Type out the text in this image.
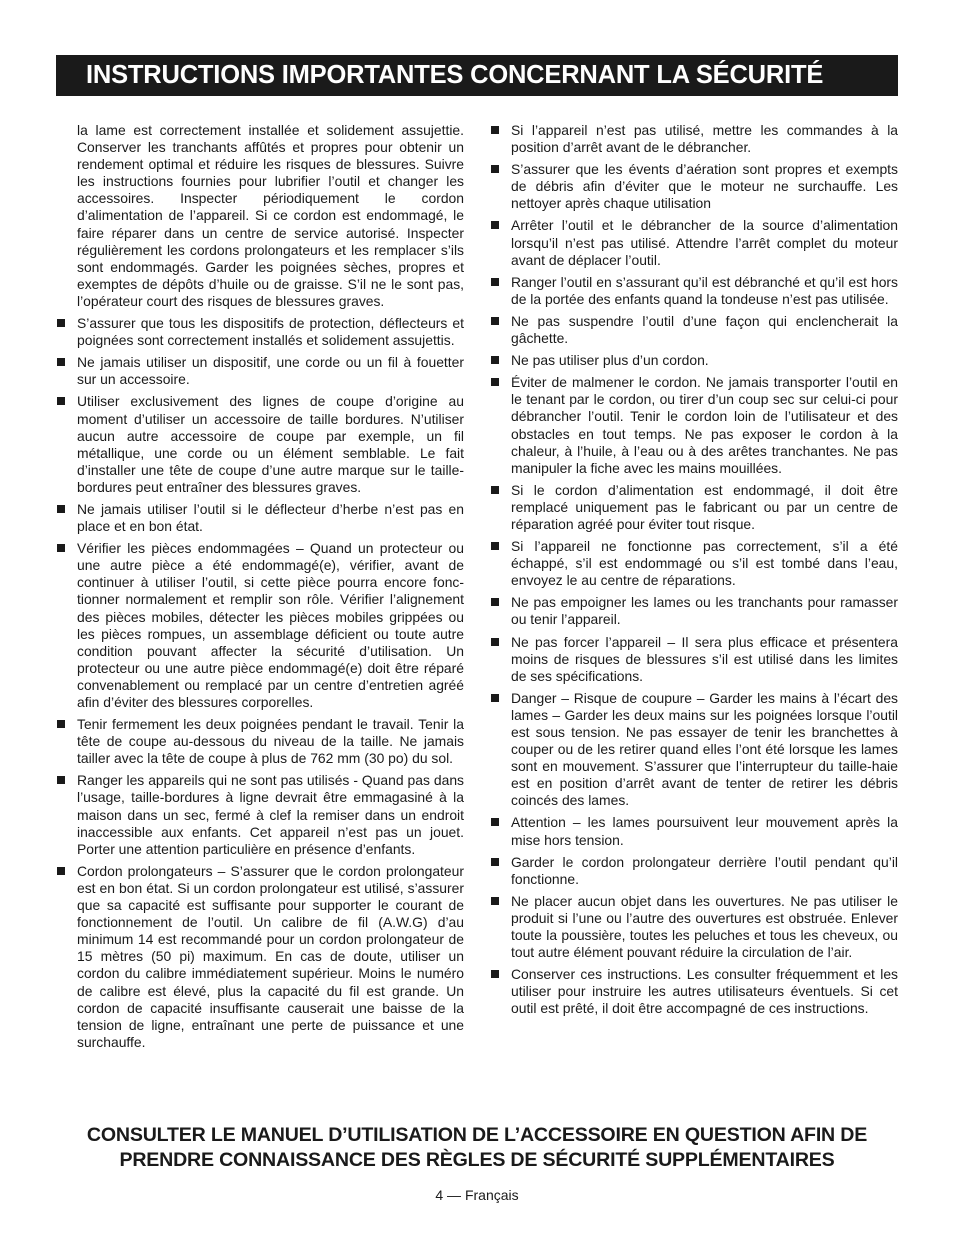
INSTRUCTIONS IMPORTANTES CONCERNANT LA SÉCURITÉ

la lame est correctement installée et solidement assujettie. Conserver les tranchants affûtés et propres pour obtenir un rendement optimal et réduire les risques de blessures. Suivre les instructions fournies pour lubrifier l’outil et changer les accessoires. Inspecter périodiquement le cordon d’alimentation de l’appareil. Si ce cordon est endommagé, le faire réparer dans un centre de service autorisé. Inspecter régulièrement les cordons prolongateurs et les remplacer s’ils sont endommagés. Garder les poignées sèches, propres et exemptes de dépôts d’huile ou de graisse. S’il ne le sont pas, l’opérateur court des risques de blessures graves.

S’assurer que tous les dispositifs de protection, déflecteurs et poignées sont correctement installés et solidement assujettis.

Ne jamais utiliser un dispositif, une corde ou un fil à fouetter sur un accessoire.

Utiliser exclusivement des lignes de coupe d’origine au moment d’utiliser un accessoire de taille bordures. N’utiliser aucun autre accessoire de coupe par exemple, un fil métallique, une corde ou un élément semblable. Le fait d’installer une tête de coupe d’une autre marque sur le taille-bordures peut entraîner des blessures graves.

Ne jamais utiliser l’outil si le déflecteur d’herbe n’est pas en place et en bon état.

Vérifier les pièces endommagées – Quand un protecteur ou une autre pièce a été endommagé(e), vérifier, avant de continuer à utiliser l’outil, si cette pièce pourra encore fonc- tionner normalement et remplir son rôle. Vérifier l’alignement des pièces mobiles, détecter les pièces mobiles grippées ou les pièces rompues, un assemblage déficient ou toute autre condition pouvant affecter la sécurité d’utilisation. Un protecteur ou une autre pièce endommagé(e) doit être réparé convenablement ou remplacé par un centre d’entretien agréé afin d’éviter des blessures corporelles.

Tenir fermement les deux poignées pendant le travail. Tenir la tête de coupe au-dessous du niveau de la taille. Ne jamais tailler avec la tête de coupe à plus de 762 mm (30 po) du sol.

Ranger les appareils qui ne sont pas utilisés - Quand pas dans l’usage, taille-bordures à ligne devrait être emmagasiné à la maison dans un sec, fermé à clef la remiser dans un endroit inaccessible aux enfants. Cet appareil n’est pas un jouet. Porter une attention particulière en présence d’enfants.

Cordon prolongateurs – S’assurer que le cordon prolongateur est en bon état. Si un cordon prolongateur est utilisé, s’assurer que sa capacité est suffisante pour supporter le courant de fonctionnement de l’outil. Un calibre de fil (A.W.G) d’au minimum 14 est recommandé pour un cordon prolongateur de 15 mètres (50 pi) maximum. En cas de doute, utiliser un cordon du calibre immédiatement supérieur. Moins le numéro de calibre est élevé, plus la capacité du fil est grande. Un cordon de capacité insuffisante causerait une baisse de la tension de ligne, entraînant une perte de puissance et une surchauffe.

Si l’appareil n’est pas utilisé, mettre les commandes à la position d’arrêt avant de le débrancher.

S’assurer que les évents d’aération sont propres et exempts de débris afin d’éviter que le moteur ne surchauffe. Les nettoyer après chaque utilisation

Arrêter l’outil et le débrancher de la source d’alimentation lorsqu’il n’est pas utilisé. Attendre l’arrêt complet du moteur avant de déplacer l’outil.

Ranger l’outil en s’assurant qu’il est débranché et qu’il est hors de la portée des enfants quand la tondeuse n’est pas utilisée.

Ne pas suspendre l’outil d’une façon qui enclencherait la gâchette.

Ne pas utiliser plus d’un cordon.

Éviter de malmener le cordon. Ne jamais transporter l’outil en le tenant par le cordon, ou tirer d’un coup sec sur celui-ci pour débrancher l’outil. Tenir le cordon loin de l’utilisateur et des obstacles en tout temps. Ne pas exposer le cordon à la chaleur, à l’huile, à l’eau ou à des arêtes tranchantes. Ne pas manipuler la fiche avec les mains mouillées.

Si le cordon d’alimentation est endommagé, il doit être remplacé uniquement pas le fabricant ou par un centre de réparation agréé pour éviter tout risque.

Si l’appareil ne fonctionne pas correctement, s’il a été échappé, s’il est endommagé ou s’il est tombé dans l’eau, envoyez le au centre de réparations.

Ne pas empoigner les lames ou les tranchants pour ramasser ou tenir l’appareil.

Ne pas forcer l’appareil – Il sera plus efficace et présentera moins de risques de blessures s’il est utilisé dans les limites de ses spécifications.

Danger – Risque de coupure – Garder les mains à l’écart des lames – Garder les deux mains sur les poignées lorsque l’outil est sous tension. Ne pas essayer de tenir les branchettes à couper ou de les retirer quand elles l’ont été lorsque les lames sont en mouvement. S’assurer que l’interrupteur du taille-haie est en position d’arrêt avant de tenter de retirer les débris coincés des lames.

Attention – les lames poursuivent leur mouvement après la mise hors tension.

Garder le cordon prolongateur derrière l’outil pendant qu’il fonctionne.

Ne placer aucun objet dans les ouvertures. Ne pas utiliser le produit si l’une ou l’autre des ouvertures est obstruée. Enlever toute la poussière, toutes les peluches et tous les cheveux, ou tout autre élément pouvant réduire la circulation de l’air.

Conserver ces instructions. Les consulter fréquemment et les utiliser pour instruire les autres utilisateurs éventuels. Si cet outil est prêté, il doit être accompagné de ces instructions.

CONSULTER LE MANUEL D’UTILISATION DE L’ACCESSOIRE EN QUESTION AFIN DE
PRENDRE CONNAISSANCE DES RÈGLES DE SÉCURITÉ SUPPLÉMENTAIRES
4 — Français
